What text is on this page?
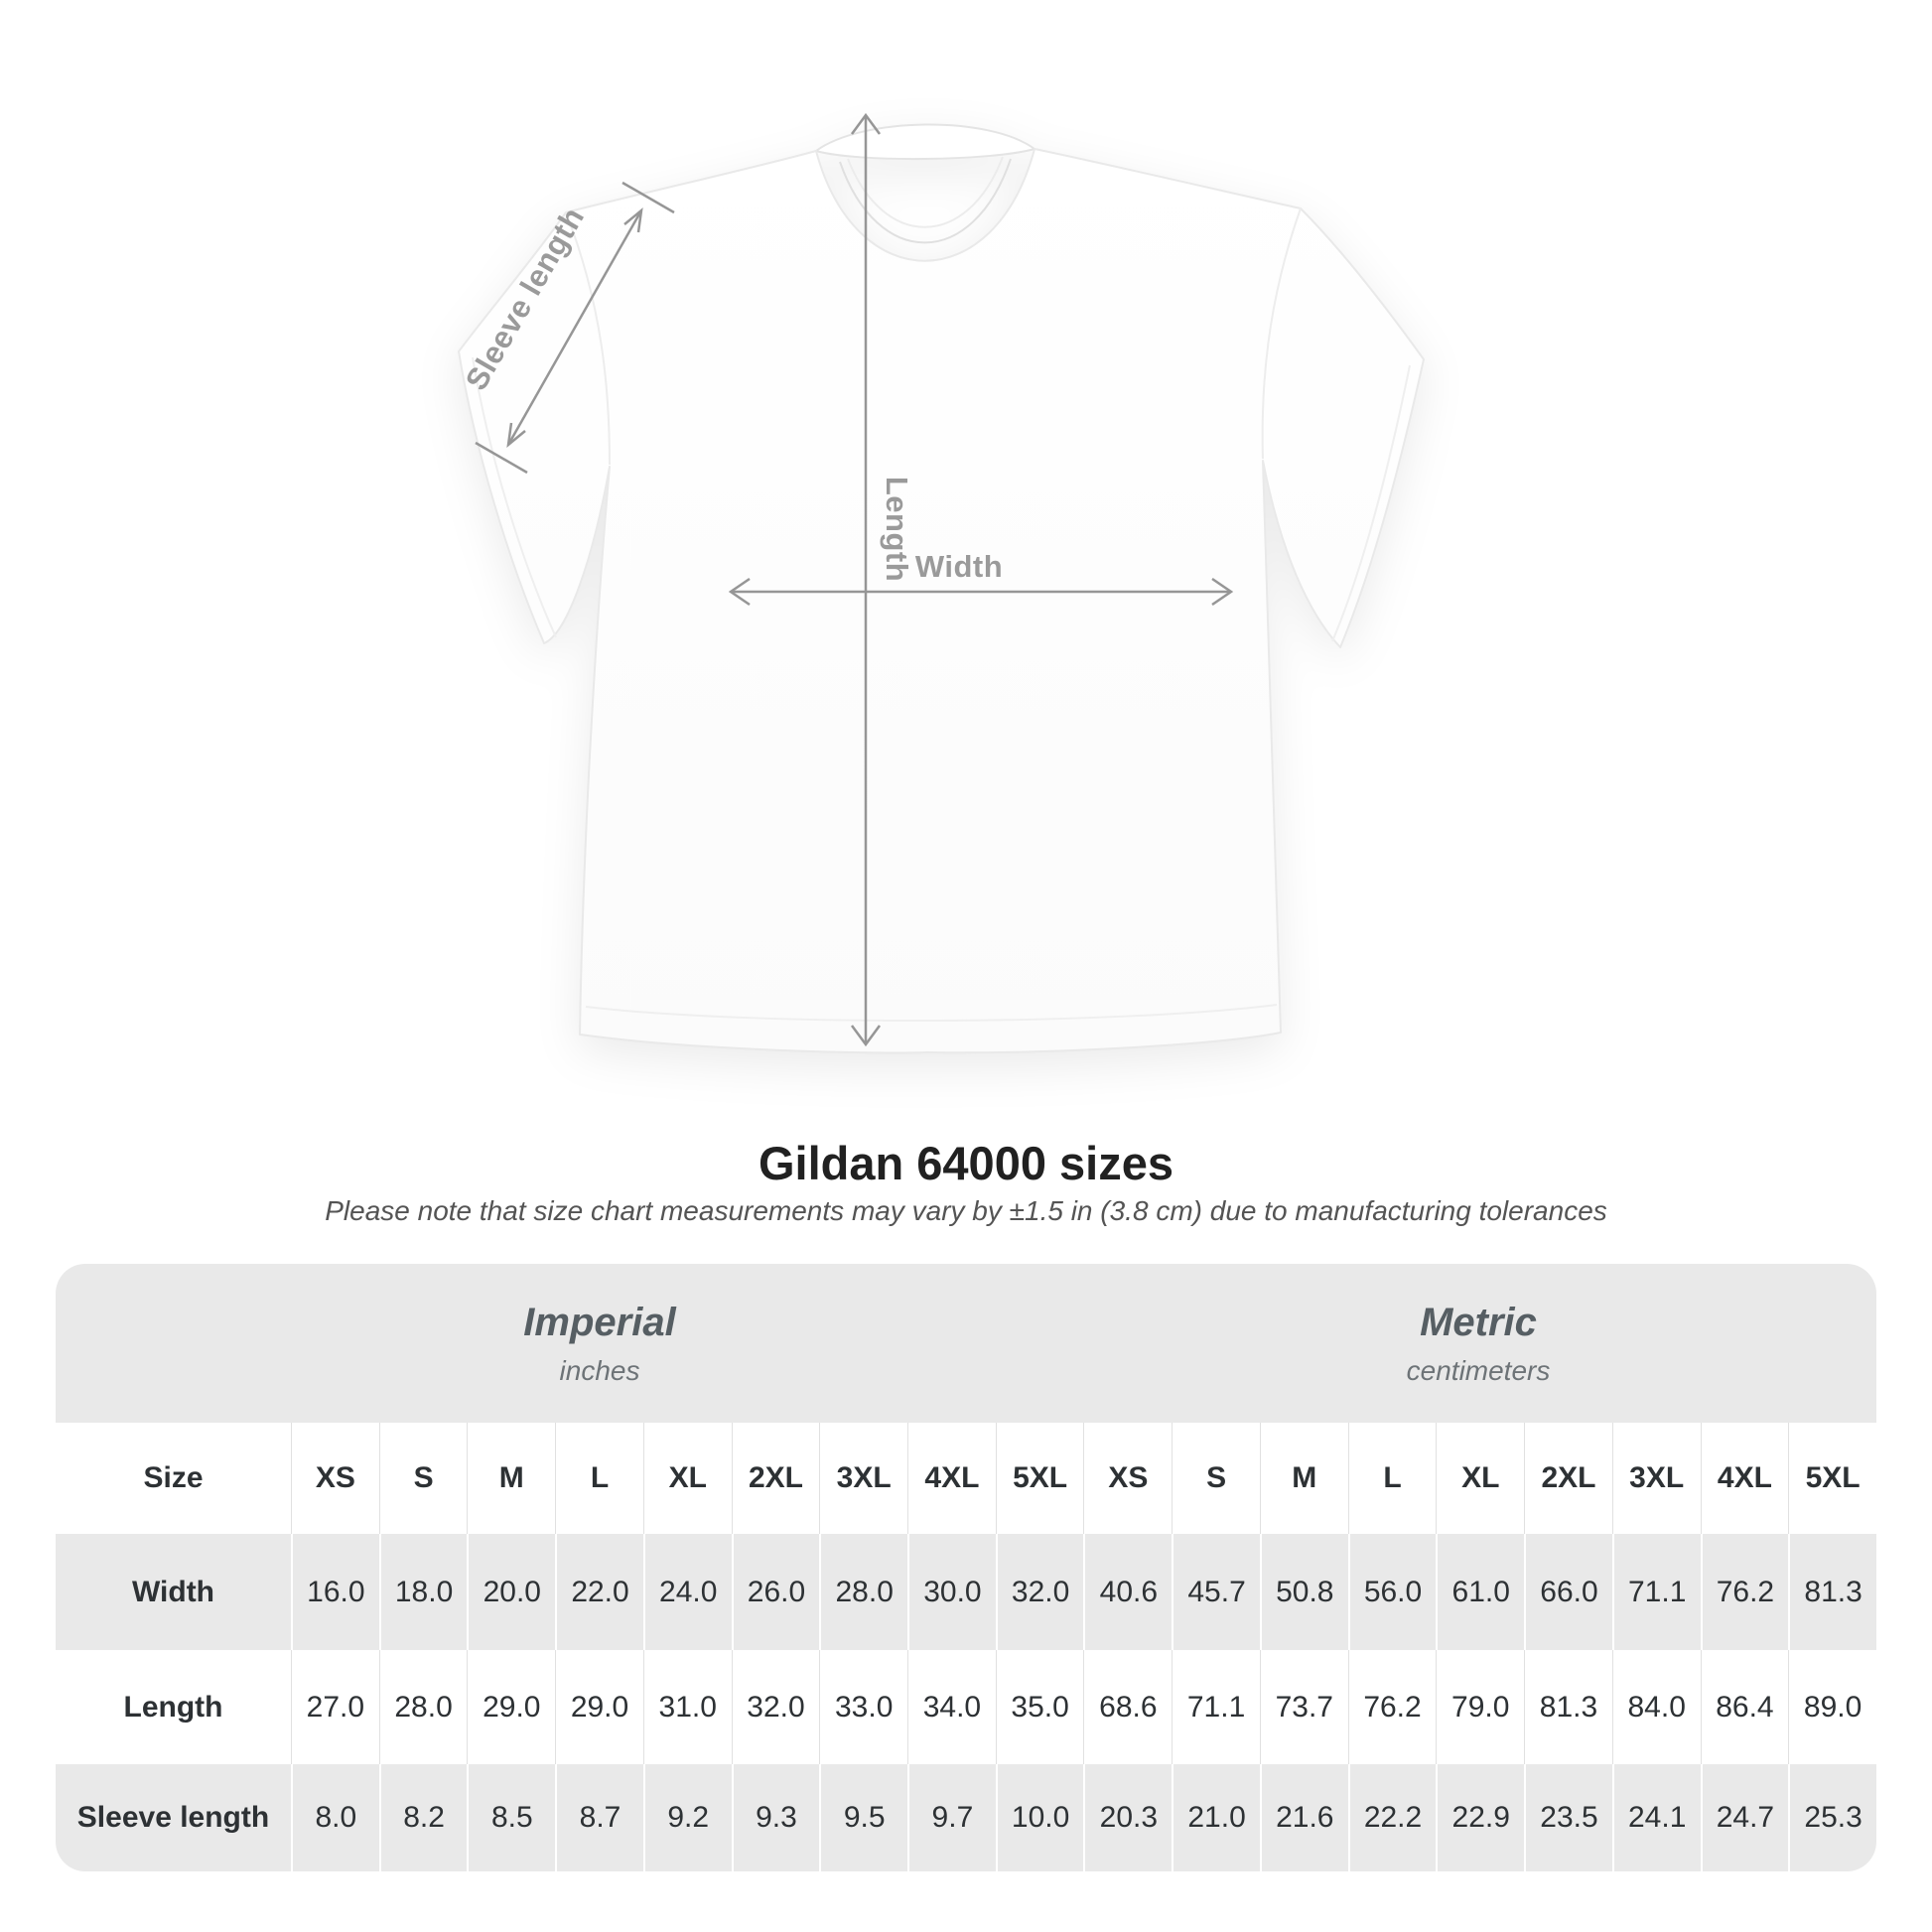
Sleeve length
Length Width
Gildan 64000 sizes
Please note that size chart measurements may vary by ±1.5 in (3.8 cm) due to manufacturing tolerances
Imperial
inches
Metric
centimeters
Size	XS	S	M	L	XL	2XL	3XL	4XL	5XL	XS	S	M	L	XL	2XL	3XL	4XL	5XL
Width	16.0	18.0	20.0	22.0	24.0	26.0	28.0	30.0	32.0	40.6	45.7	50.8	56.0	61.0	66.0	71.1	76.2	81.3
Length	27.0	28.0	29.0	29.0	31.0	32.0	33.0	34.0	35.0	68.6	71.1	73.7	76.2	79.0	81.3	84.0	86.4	89.0
Sleeve length	8.0	8.2	8.5	8.7	9.2	9.3	9.5	9.7	10.0	20.3	21.0	21.6	22.2	22.9	23.5	24.1	24.7	25.3
